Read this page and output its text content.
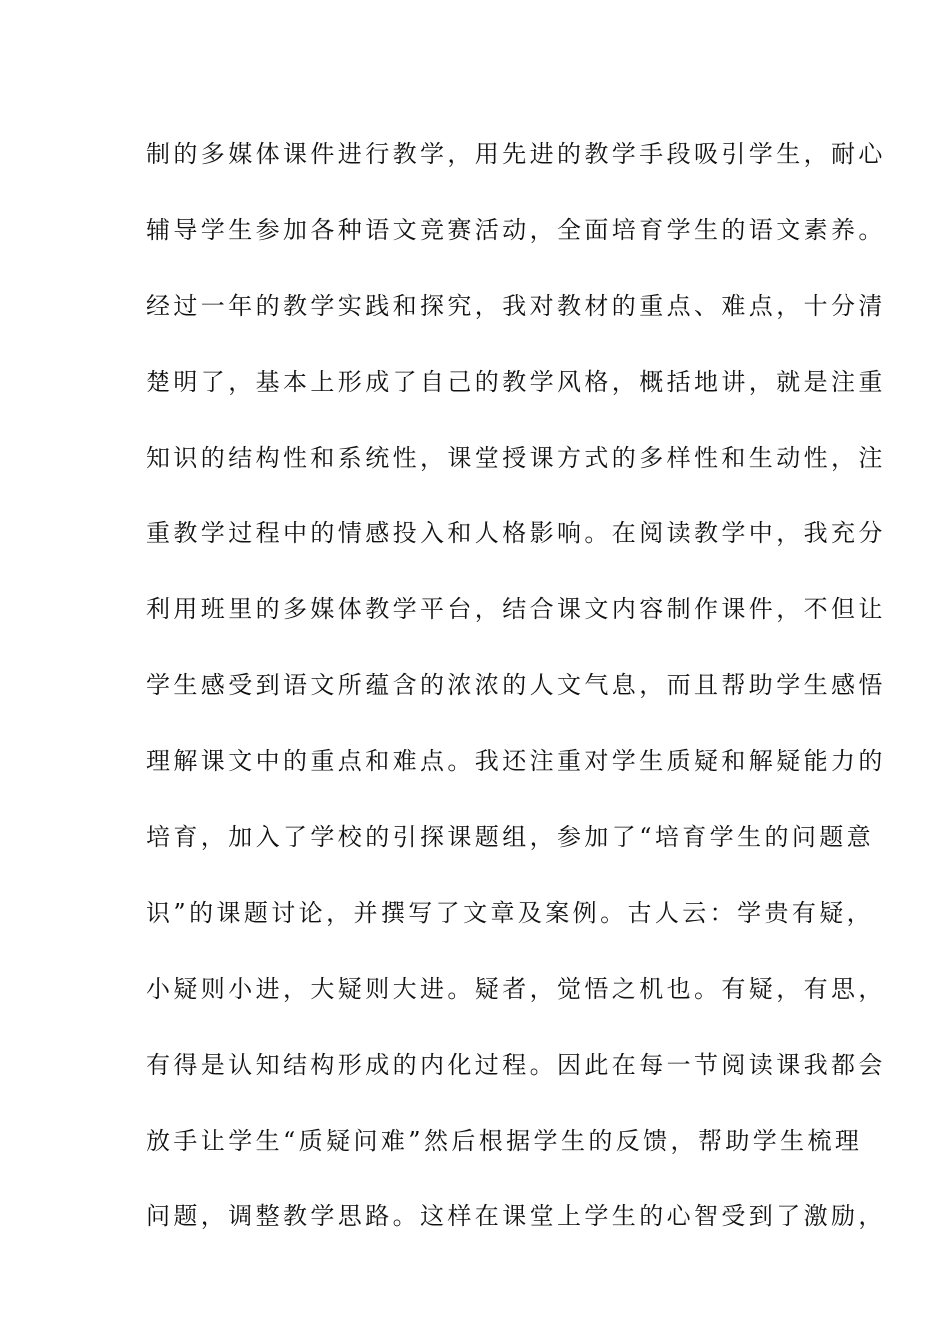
制的多媒体课件进行教学，用先进的教学手段吸引学生，耐心
辅导学生参加各种语文竞赛活动，全面培育学生的语文素养。
经过一年的教学实践和探究，我对教材的重点、难点，十分清
楚明了，基本上形成了自己的教学风格，概括地讲，就是注重
知识的结构性和系统性，课堂授课方式的多样性和生动性，注
重教学过程中的情感投入和人格影响。在阅读教学中，我充分
利用班里的多媒体教学平台，结合课文内容制作课件，不但让
学生感受到语文所蕴含的浓浓的人文气息，而且帮助学生感悟
理解课文中的重点和难点。我还注重对学生质疑和解疑能力的
培育，加入了学校的引探课题组，参加了“培育学生的问题意
识”的课题讨论，并撰写了文章及案例。古人云：学贵有疑，
小疑则小进，大疑则大进。疑者，觉悟之机也。有疑，有思，
有得是认知结构形成的内化过程。因此在每一节阅读课我都会
放手让学生“质疑问难”然后根据学生的反馈，帮助学生梳理
问题，调整教学思路。这样在课堂上学生的心智受到了激励，
